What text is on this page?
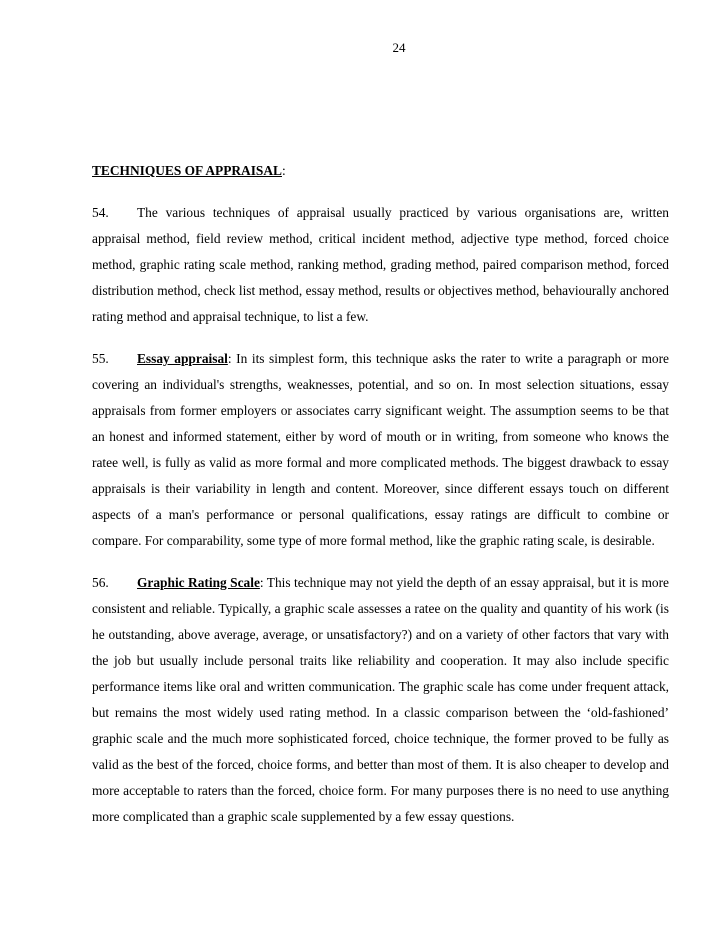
24
TECHNIQUES OF APPRAISAL:

54. The various techniques of appraisal usually practiced by various organisations are, written appraisal method, field review method, critical incident method, adjective type method, forced choice method, graphic rating scale method, ranking method, grading method, paired comparison method, forced distribution method, check list method, essay method, results or objectives method, behaviourally anchored rating method and appraisal technique, to list a few.

55. Essay appraisal: In its simplest form, this technique asks the rater to write a paragraph or more covering an individual's strengths, weaknesses, potential, and so on. In most selection situations, essay appraisals from former employers or associates carry significant weight. The assumption seems to be that an honest and informed statement, either by word of mouth or in writing, from someone who knows the ratee well, is fully as valid as more formal and more complicated methods. The biggest drawback to essay appraisals is their variability in length and content. Moreover, since different essays touch on different aspects of a man's performance or personal qualifications, essay ratings are difficult to combine or compare. For comparability, some type of more formal method, like the graphic rating scale, is desirable.

56. Graphic Rating Scale: This technique may not yield the depth of an essay appraisal, but it is more consistent and reliable. Typically, a graphic scale assesses a ratee on the quality and quantity of his work (is he outstanding, above average, average, or unsatisfactory?) and on a variety of other factors that vary with the job but usually include personal traits like reliability and cooperation. It may also include specific performance items like oral and written communication. The graphic scale has come under frequent attack, but remains the most widely used rating method. In a classic comparison between the ‘old-fashioned’ graphic scale and the much more sophisticated forced, choice technique, the former proved to be fully as valid as the best of the forced, choice forms, and better than most of them. It is also cheaper to develop and more acceptable to raters than the forced, choice form. For many purposes there is no need to use anything more complicated than a graphic scale supplemented by a few essay questions.
